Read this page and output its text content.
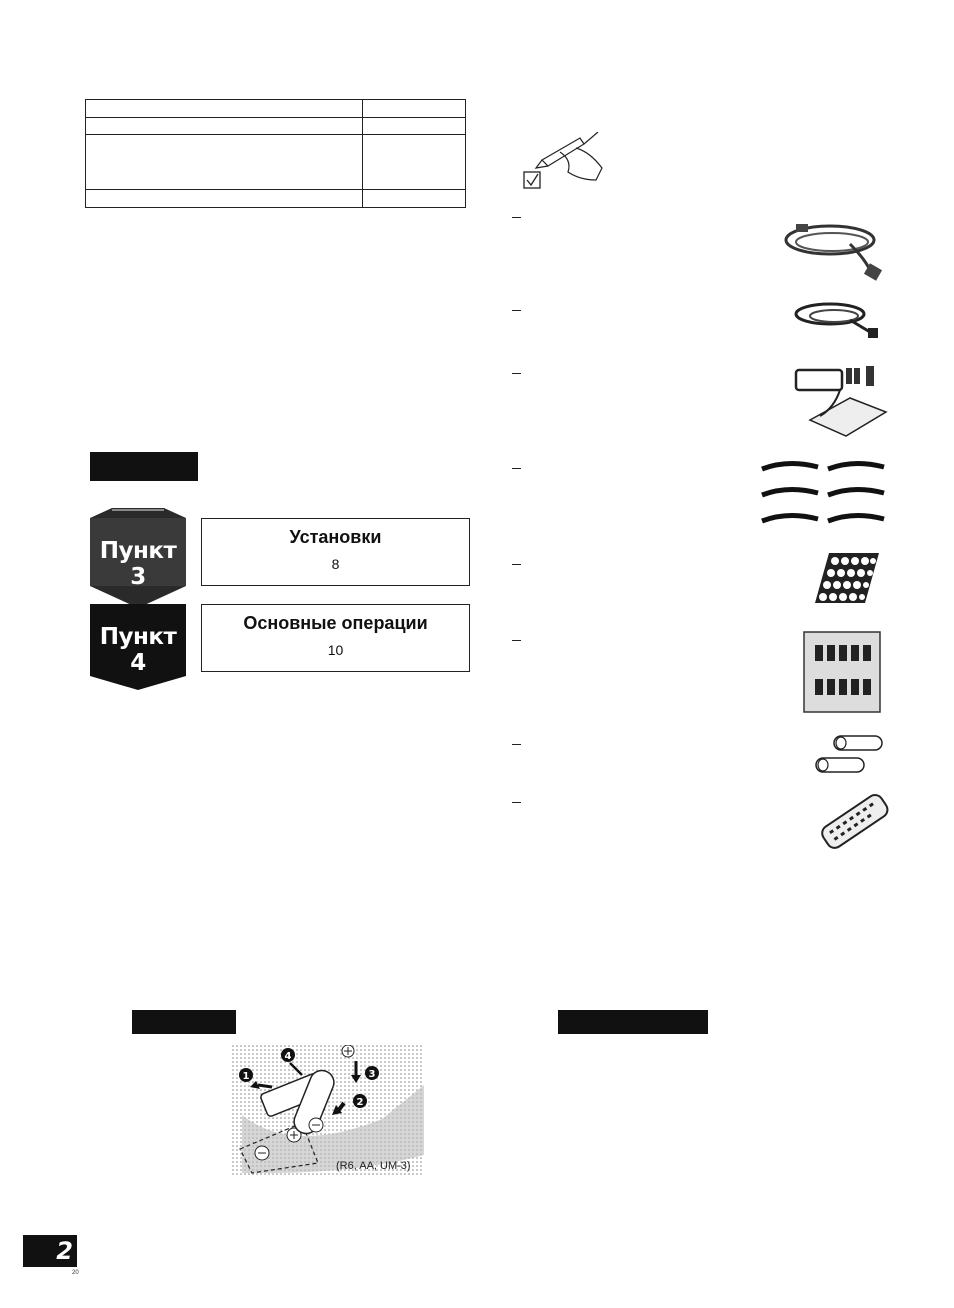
Пункт 3
Установки
8
Пункт 4
Основные операции
10
1
4
2
3
(R6, AA, UM-3)
2
20
